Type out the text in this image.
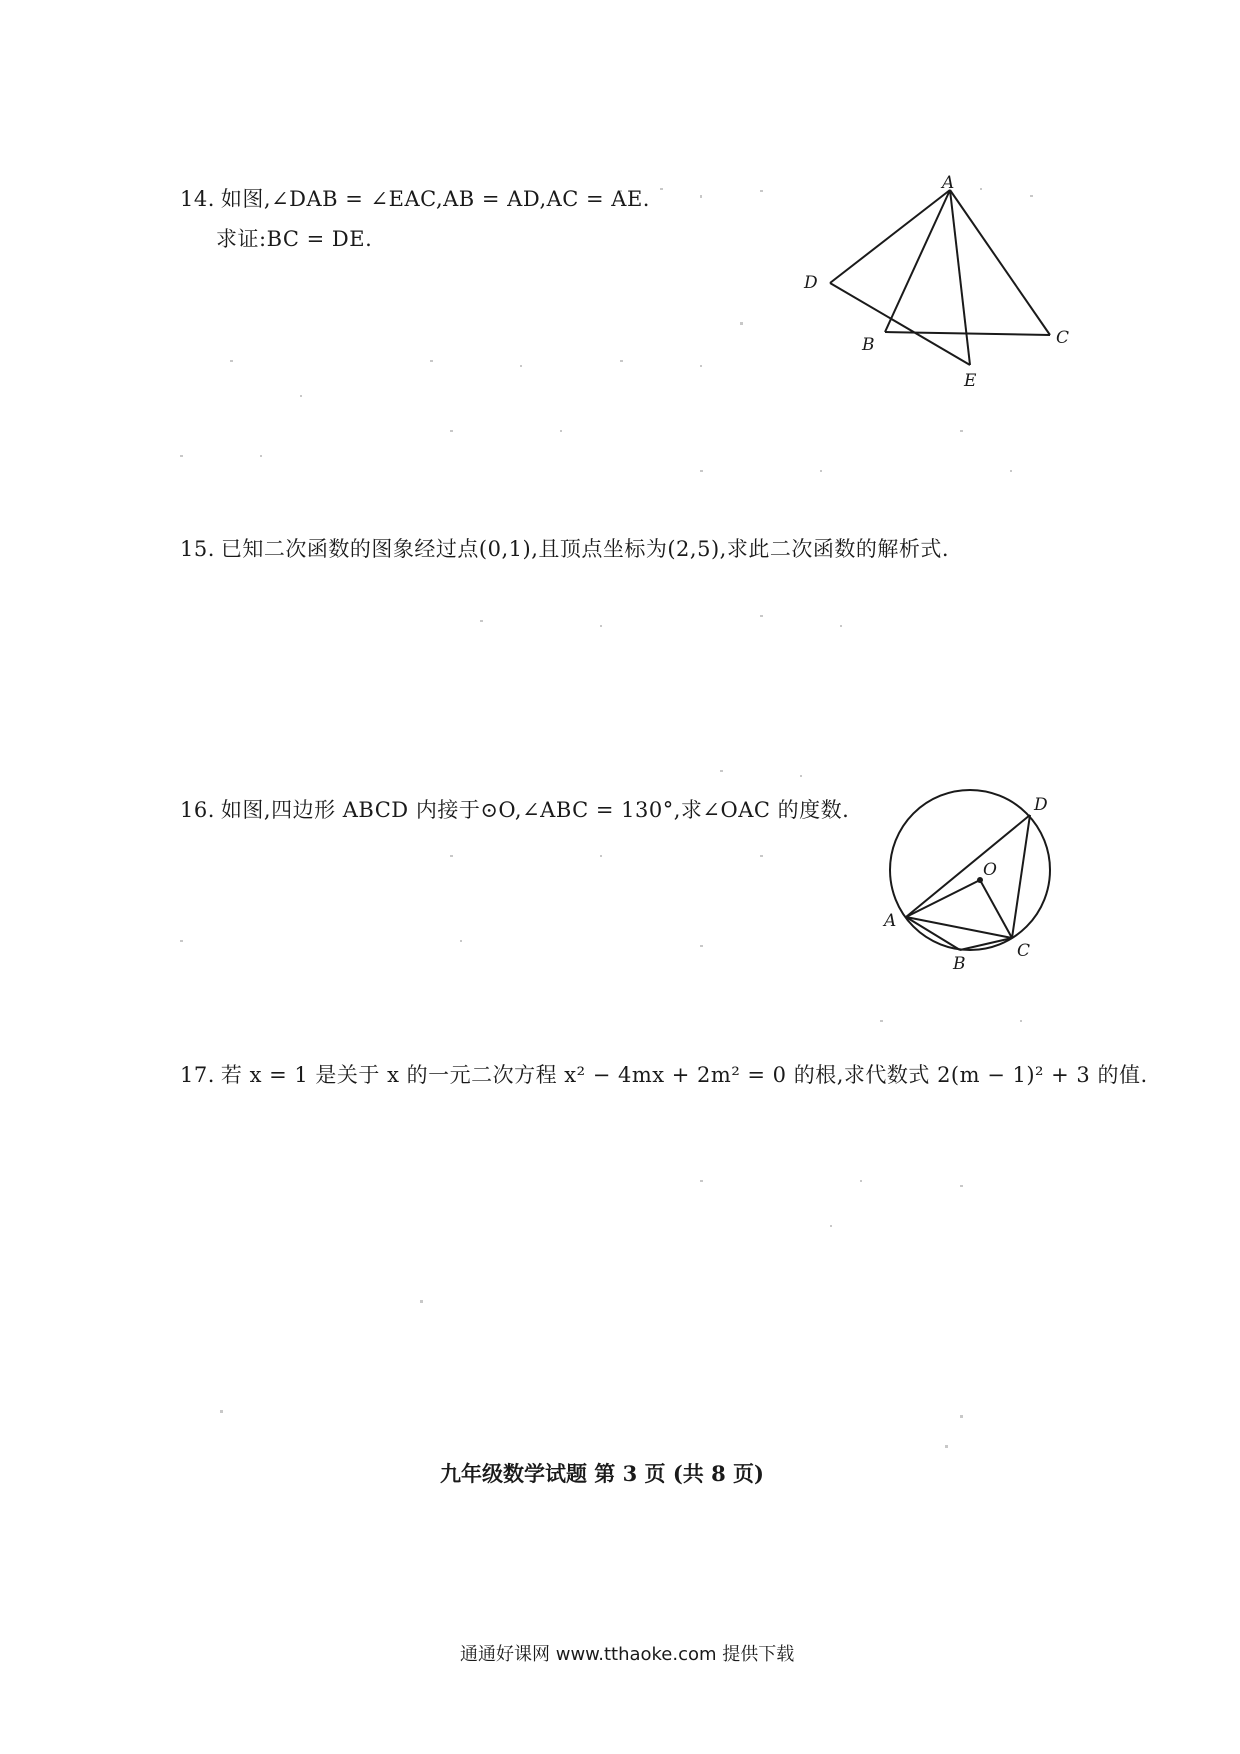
14. 如图,∠DAB = ∠EAC,AB = AD,AC = AE.
求证:BC = DE.
A
D
B	C
E
15. 已知二次函数的图象经过点(0,1),且顶点坐标为(2,5),求此二次函数的解析式.
16. 如图,四边形 ABCD 内接于⊙O,∠ABC = 130°,求∠OAC 的度数.	D
O
A
B
C
17. 若 x = 1 是关于 x 的一元二次方程 x² − 4mx + 2m² = 0 的根,求代数式 2(m − 1)² + 3 的值.
九年级数学试题 第 3 页 (共 8 页)
通通好课网 www.tthaoke.com 提供下载
